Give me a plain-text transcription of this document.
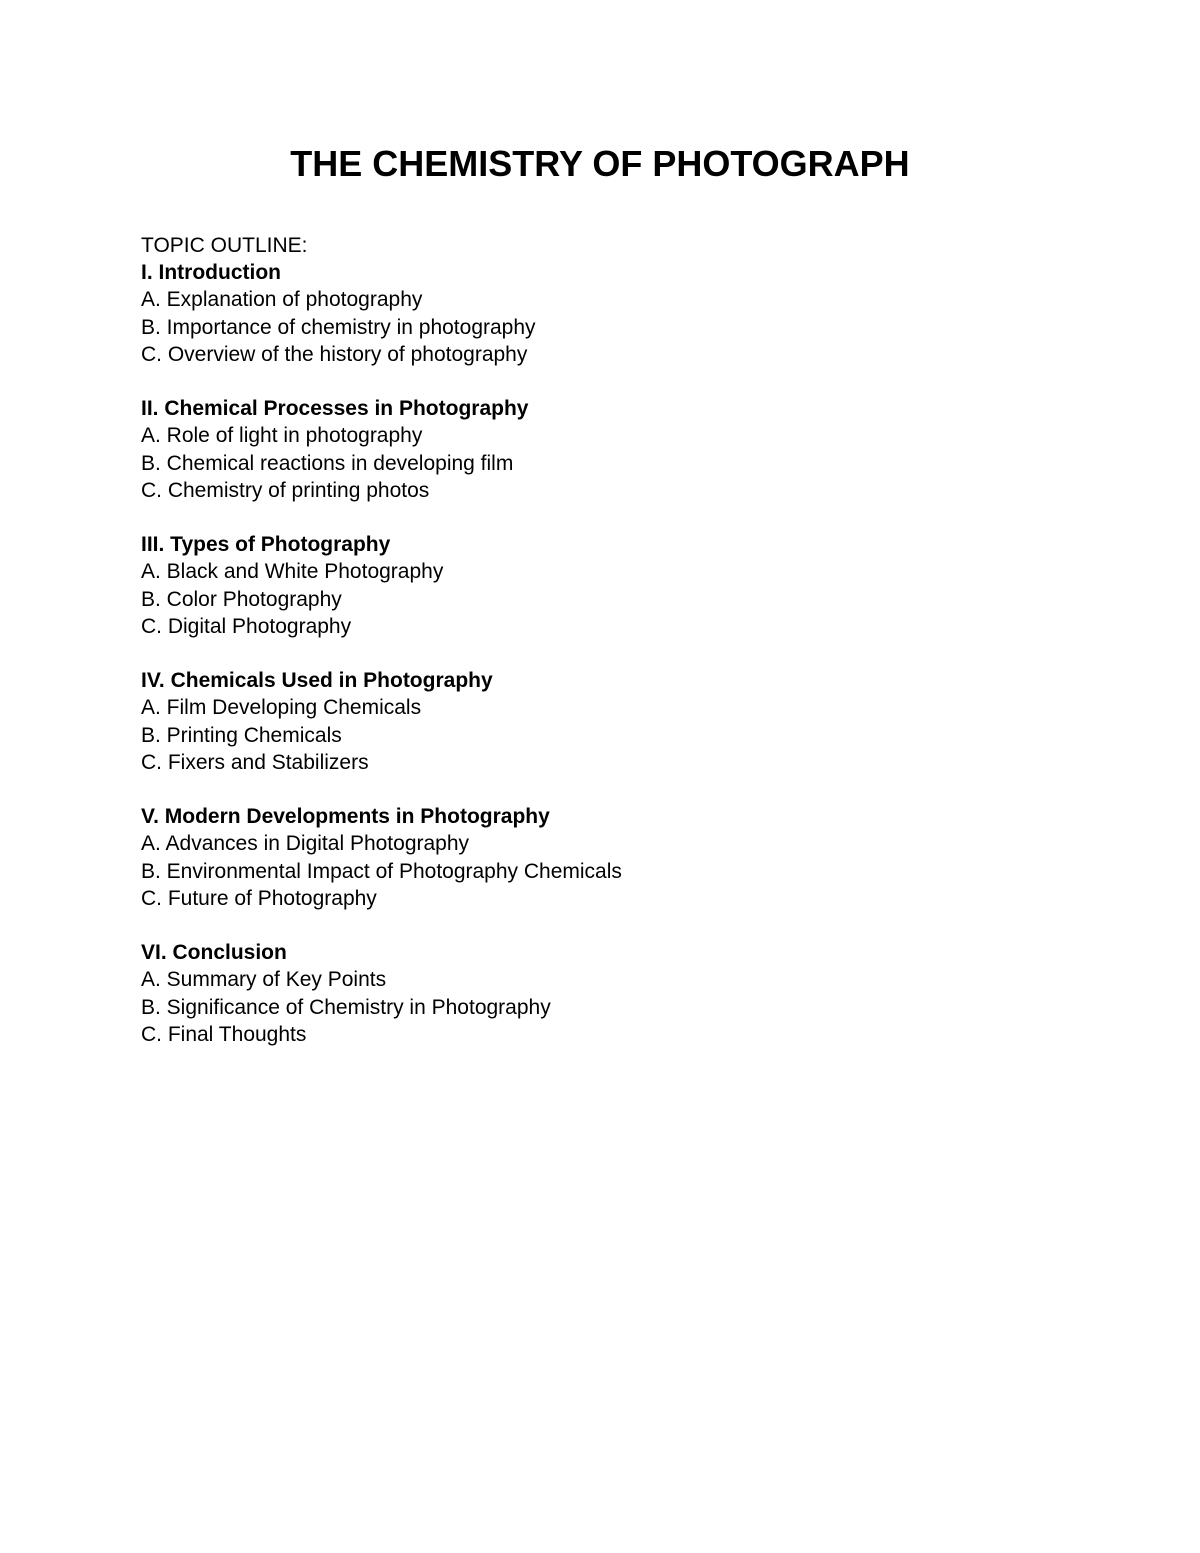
THE CHEMISTRY OF PHOTOGRAPH

TOPIC OUTLINE:

I. Introduction
A. Explanation of photography
B. Importance of chemistry in photography
C. Overview of the history of photography
II. Chemical Processes in Photography
A. Role of light in photography
B. Chemical reactions in developing film
C. Chemistry of printing photos
III. Types of Photography
A. Black and White Photography
B. Color Photography
C. Digital Photography
IV. Chemicals Used in Photography
A. Film Developing Chemicals
B. Printing Chemicals
C. Fixers and Stabilizers
V. Modern Developments in Photography
A. Advances in Digital Photography
B. Environmental Impact of Photography Chemicals
C. Future of Photography
VI. Conclusion
A. Summary of Key Points
B. Significance of Chemistry in Photography
C. Final Thoughts
